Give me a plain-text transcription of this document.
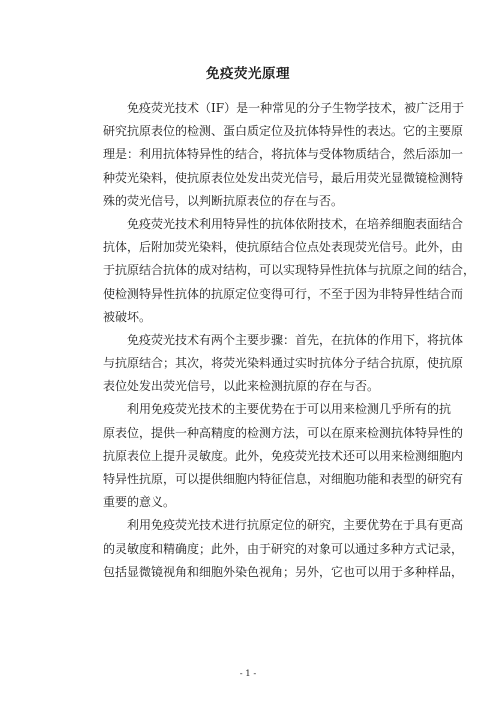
免疫荧光原理
免疫荧光技术（IF）是一种常见的分子生物学技术，被广泛用于
研究抗原表位的检测、蛋白质定位及抗体特异性的表达。它的主要原
理是：利用抗体特异性的结合，将抗体与受体物质结合，然后添加一
种荧光染料，使抗原表位处发出荧光信号，最后用荧光显微镜检测特
殊的荧光信号，以判断抗原表位的存在与否。
免疫荧光技术利用特异性的抗体依附技术，在培养细胞表面结合
抗体，后附加荧光染料，使抗原结合位点处表现荧光信号。此外，由
于抗原结合抗体的成对结构，可以实现特异性抗体与抗原之间的结合，
使检测特异性抗体的抗原定位变得可行，不至于因为非特异性结合而
被破坏。
免疫荧光技术有两个主要步骤：首先，在抗体的作用下，将抗体
与抗原结合；其次，将荧光染料通过实时抗体分子结合抗原，使抗原
表位处发出荧光信号，以此来检测抗原的存在与否。
利用免疫荧光技术的主要优势在于可以用来检测几乎所有的抗
原表位，提供一种高精度的检测方法，可以在原来检测抗体特异性的
抗原表位上提升灵敏度。此外，免疫荧光技术还可以用来检测细胞内
特异性抗原，可以提供细胞内特征信息，对细胞功能和表型的研究有
重要的意义。
利用免疫荧光技术进行抗原定位的研究，主要优势在于具有更高
的灵敏度和精确度；此外，由于研究的对象可以通过多种方式记录，
包括显微镜视角和细胞外染色视角；另外，它也可以用于多种样品，
- 1 -
